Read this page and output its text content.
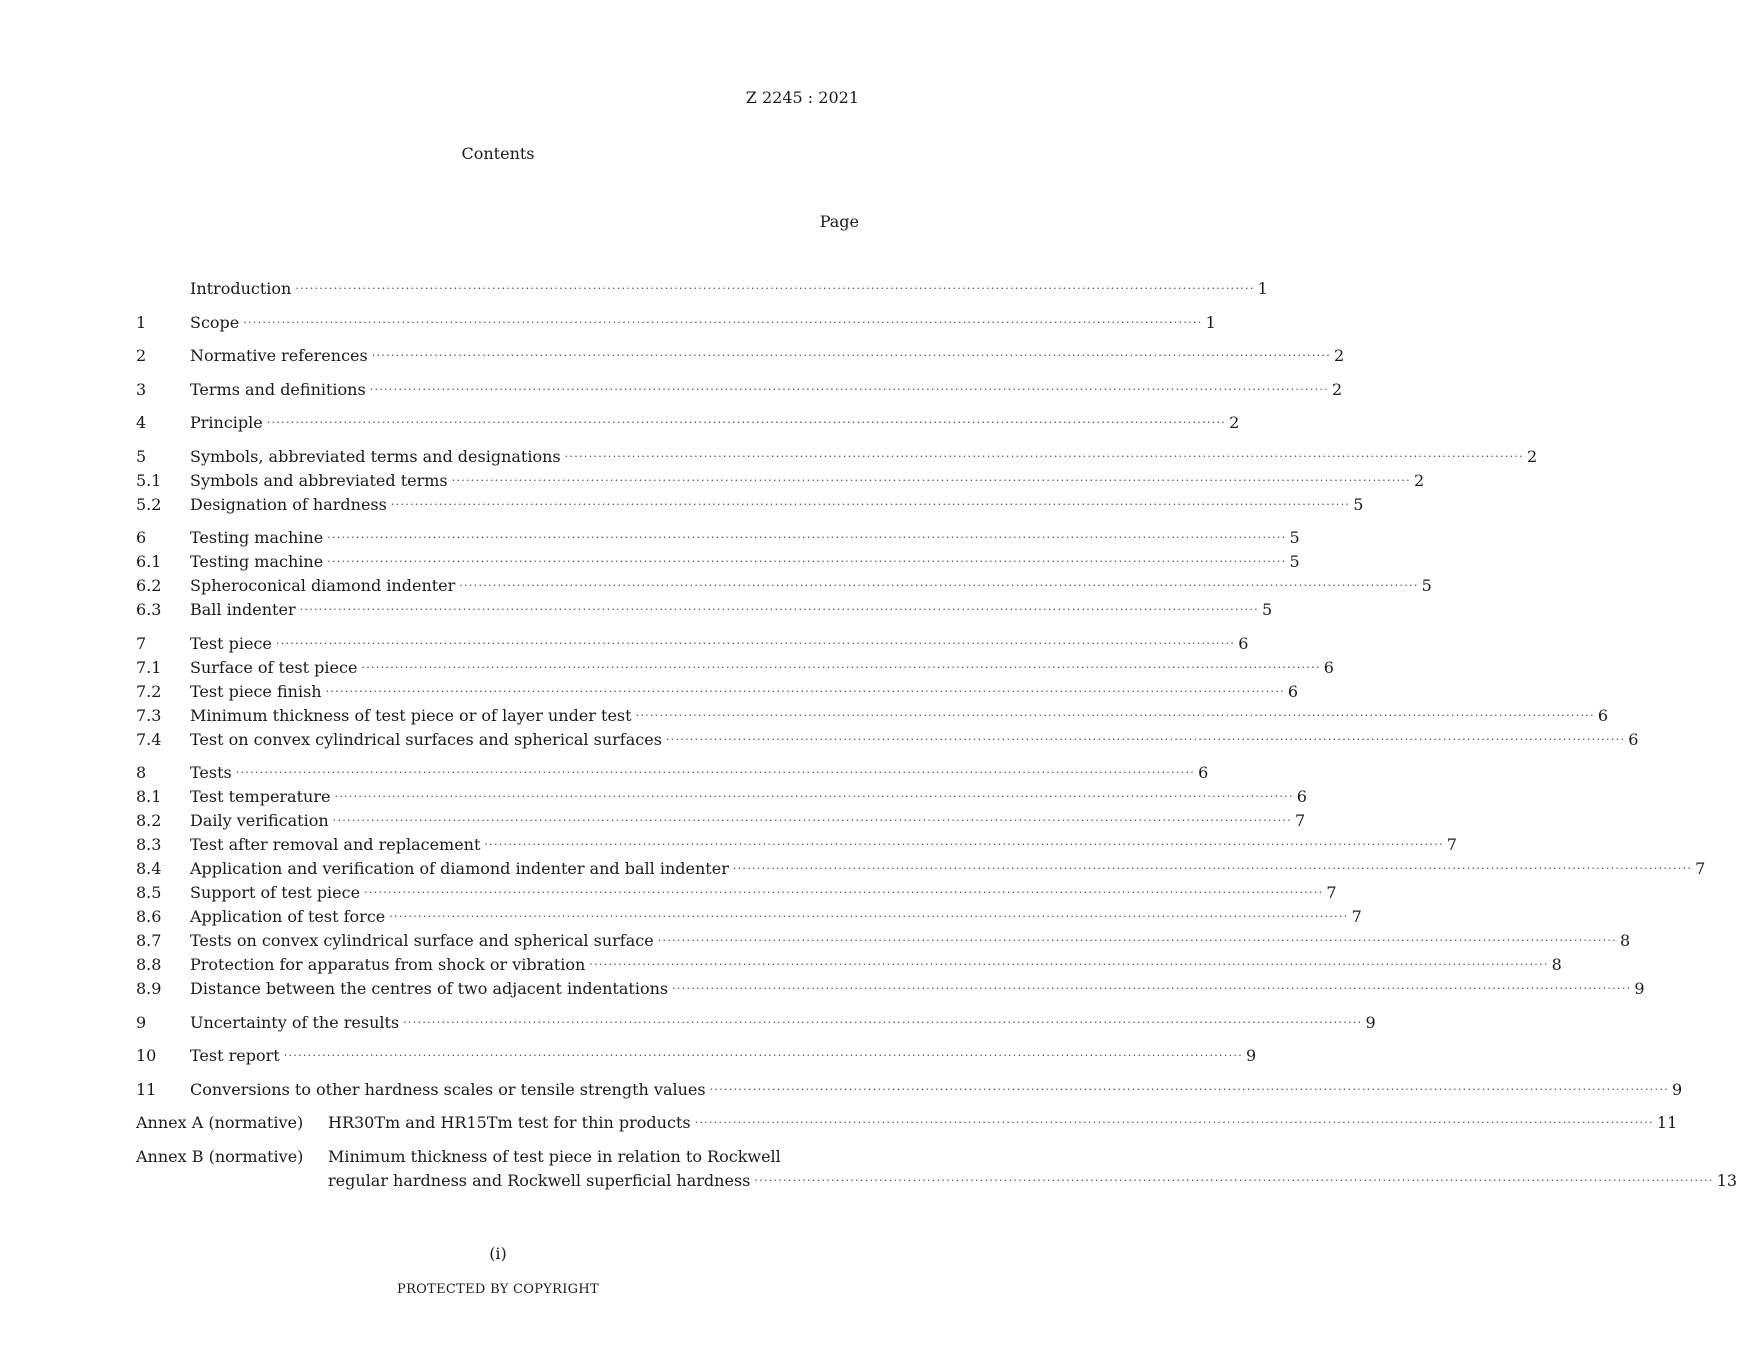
Z 2245 : 2021
Contents
Page
Introduction ········································································································································································································ 1
1	Scope ········································································································································································································ 1
2	Normative references ········································································································································································································ 2
3	Terms and definitions ········································································································································································································ 2
4	Principle ········································································································································································································ 2
5	Symbols, abbreviated terms and designations ········································································································································································································ 2
5.1	Symbols and abbreviated terms ········································································································································································································ 2
5.2	Designation of hardness ········································································································································································································ 5
6	Testing machine ········································································································································································································ 5
6.1	Testing machine ········································································································································································································ 5
6.2	Spheroconical diamond indenter ········································································································································································································ 5
6.3	Ball indenter ········································································································································································································ 5
7	Test piece ········································································································································································································ 6
7.1	Surface of test piece ········································································································································································································ 6
7.2	Test piece finish ········································································································································································································ 6
7.3	Minimum thickness of test piece or of layer under test ········································································································································································································ 6
7.4	Test on convex cylindrical surfaces and spherical surfaces ········································································································································································································ 6
8	Tests ········································································································································································································ 6
8.1	Test temperature ········································································································································································································ 6
8.2	Daily verification ········································································································································································································ 7
8.3	Test after removal and replacement ········································································································································································································ 7
8.4	Application and verification of diamond indenter and ball indenter ········································································································································································································ 7
8.5	Support of test piece ········································································································································································································ 7
8.6	Application of test force ········································································································································································································ 7
8.7	Tests on convex cylindrical surface and spherical surface ········································································································································································································ 8
8.8	Protection for apparatus from shock or vibration ········································································································································································································ 8
8.9	Distance between the centres of two adjacent indentations ········································································································································································································ 9
9	Uncertainty of the results ········································································································································································································ 9
10	Test report ········································································································································································································ 9
11	Conversions to other hardness scales or tensile strength values ········································································································································································································ 9
Annex A (normative)	HR30Tm and HR15Tm test for thin products ········································································································································································································ 11
Annex B (normative)	Minimum thickness of test piece in relation to Rockwell
regular hardness and Rockwell superficial hardness ········································································································································································································ 13
(i)
PROTECTED BY COPYRIGHT
